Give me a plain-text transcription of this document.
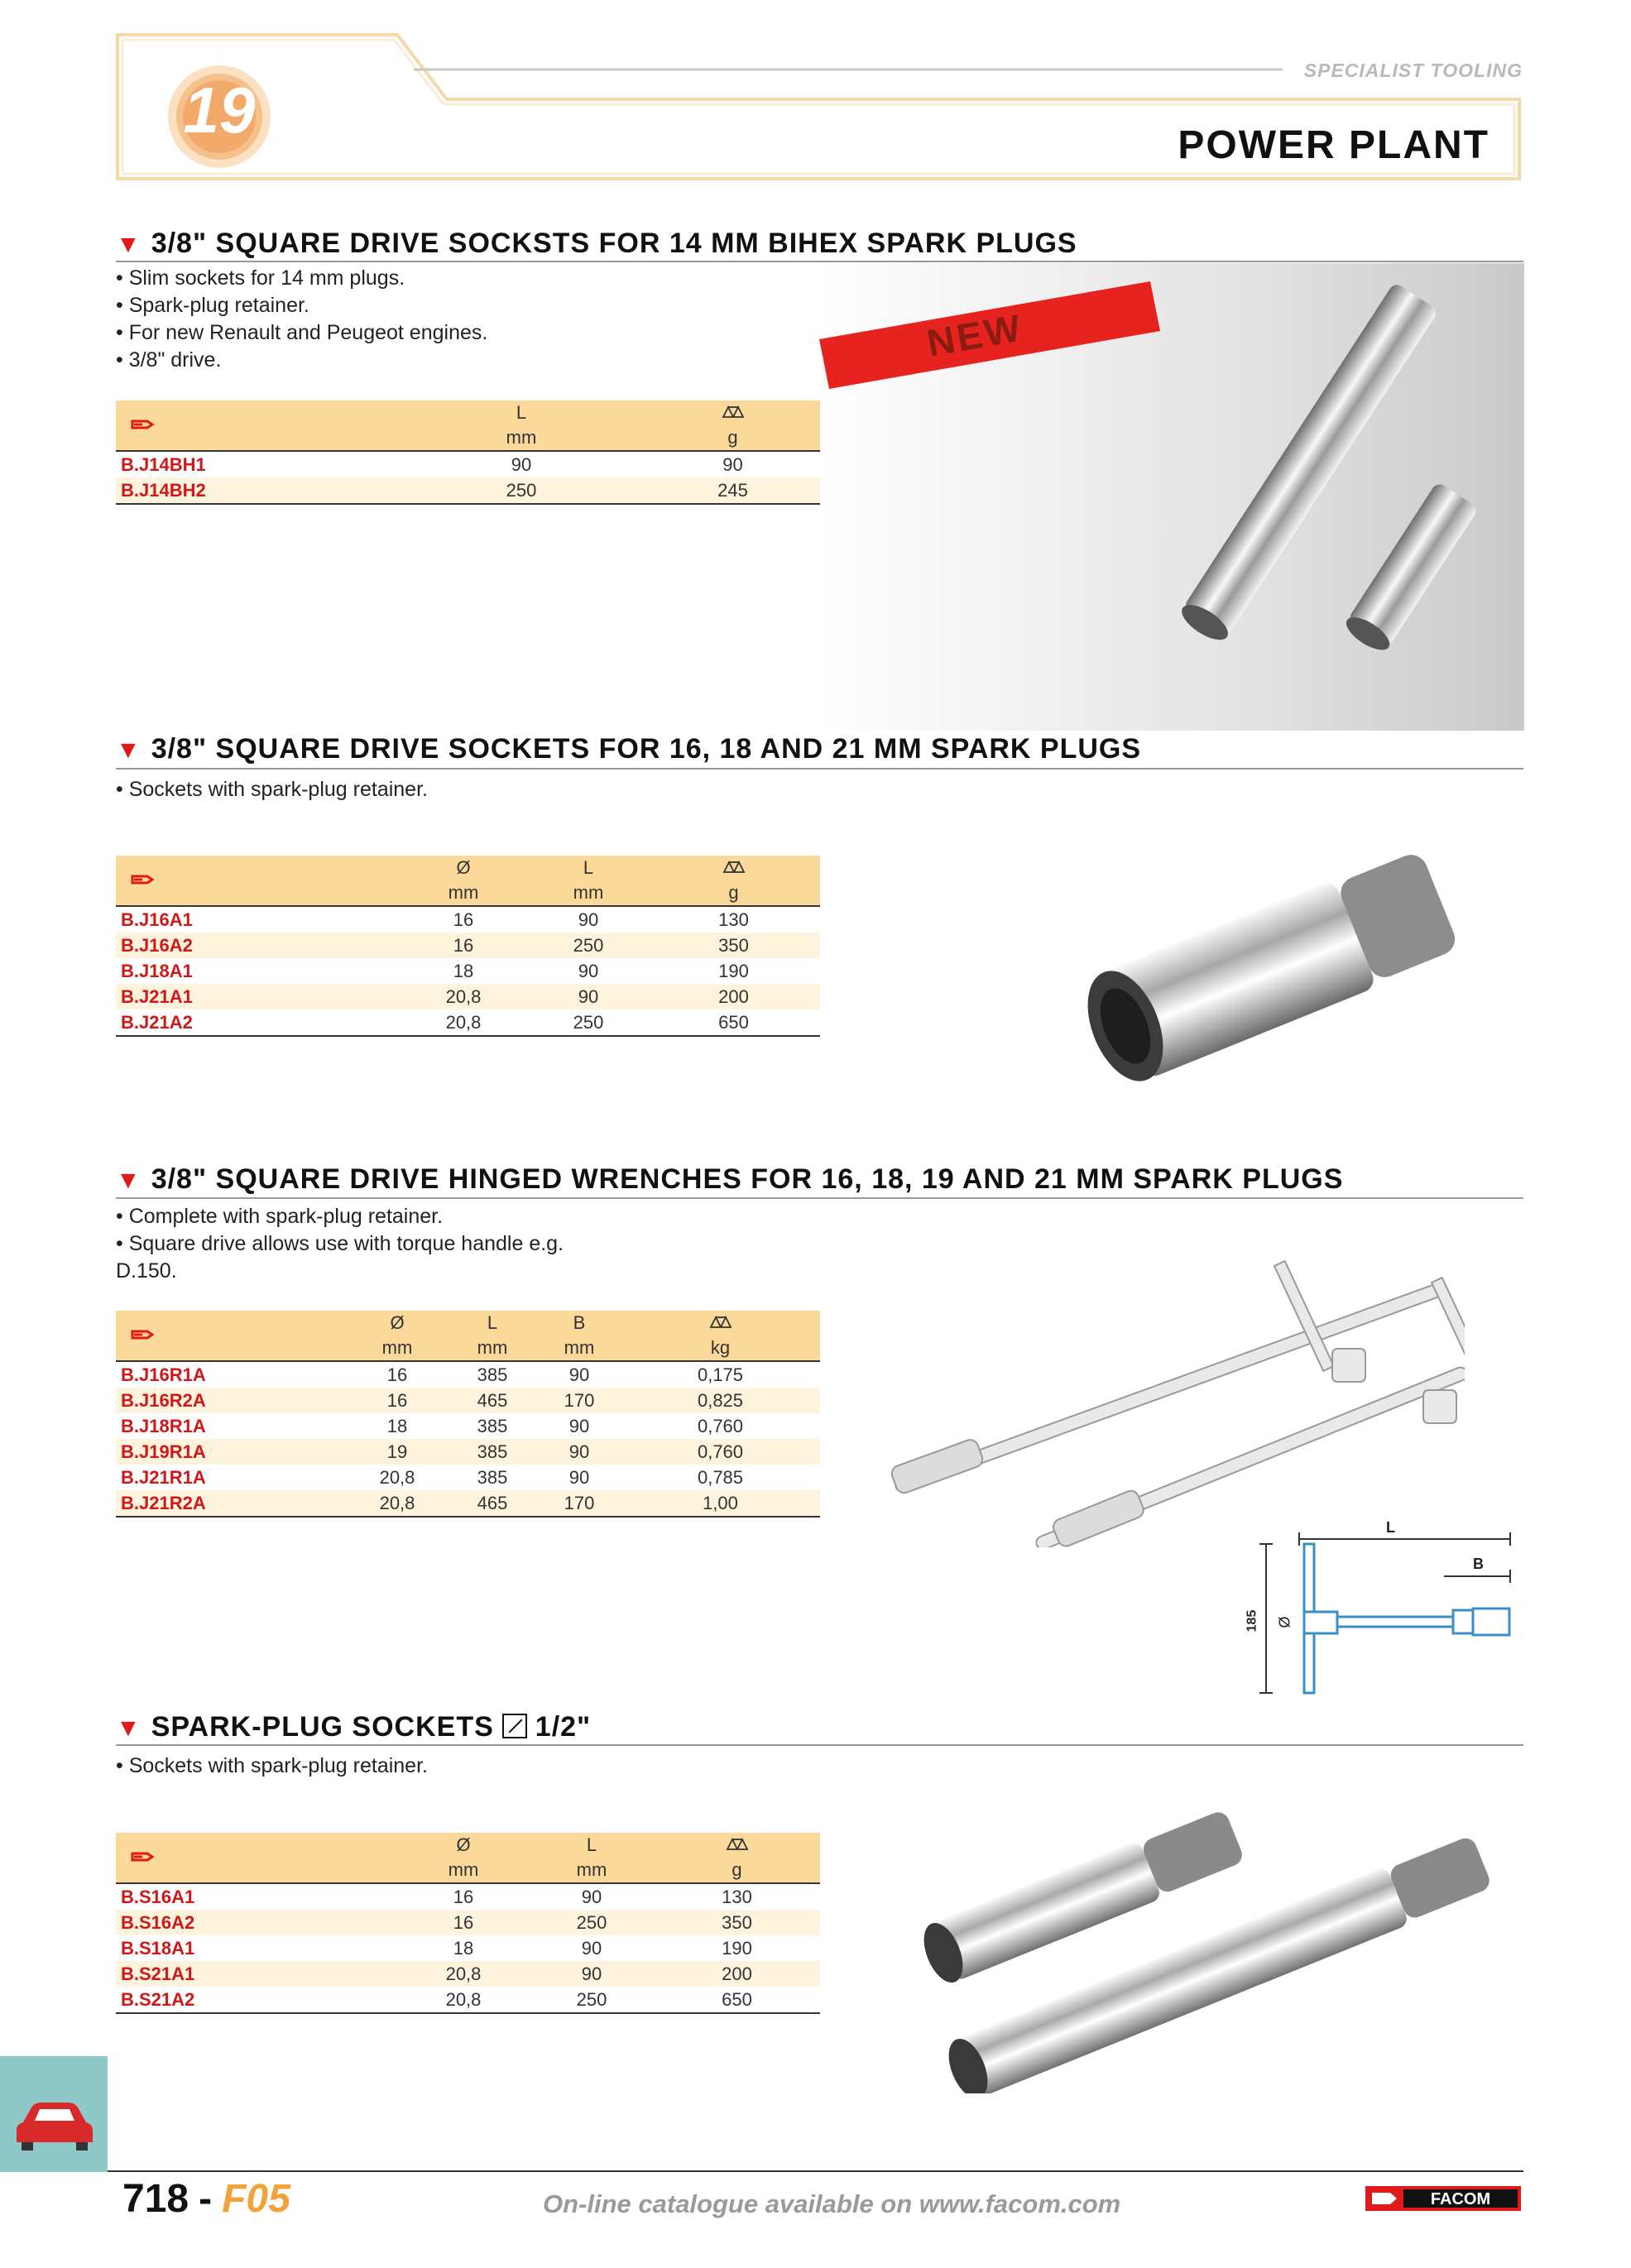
19
SPECIALIST TOOLING
POWER PLANT
▼ 3/8" SQUARE DRIVE SOCKSTS FOR 14 MM BIHEX SPARK PLUGS
• Slim sockets for 14 mm plugs.
• Spark-plug retainer.
• For new Renault and Peugeot engines.
• 3/8" drive.
	L	
	mm	g
B.J14BH1	90	90
B.J14BH2	250	245
NEW
▼ 3/8" SQUARE DRIVE SOCKETS FOR 16, 18 AND 21 MM SPARK PLUGS
• Sockets with spark-plug retainer.
	Ø	L	
	mm	mm	g
B.J16A1	16	90	130
B.J16A2	16	250	350
B.J18A1	18	90	190
B.J21A1	20,8	90	200
B.J21A2	20,8	250	650
▼ 3/8" SQUARE DRIVE HINGED WRENCHES FOR 16, 18, 19 AND 21 MM SPARK PLUGS
• Complete with spark-plug retainer.
• Square drive allows use with torque handle e.g.
D.150.
	Ø	L	B	
	mm	mm	mm	kg
B.J16R1A	16	385	90	0,175
B.J16R2A	16	465	170	0,825
B.J18R1A	18	385	90	0,760
B.J19R1A	19	385	90	0,760
B.J21R1A	20,8	385	90	0,785
B.J21R2A	20,8	465	170	1,00
L
B
185 Ø
▼ SPARK-PLUG SOCKETS 1/2"
• Sockets with spark-plug retainer.
	Ø	L	
	mm	mm	g
B.S16A1	16	90	130
B.S16A2	16	250	350
B.S18A1	18	90	190
B.S21A1	20,8	90	200
B.S21A2	20,8	250	650
718 - F05	On-line catalogue available on www.facom.com	FACOM
